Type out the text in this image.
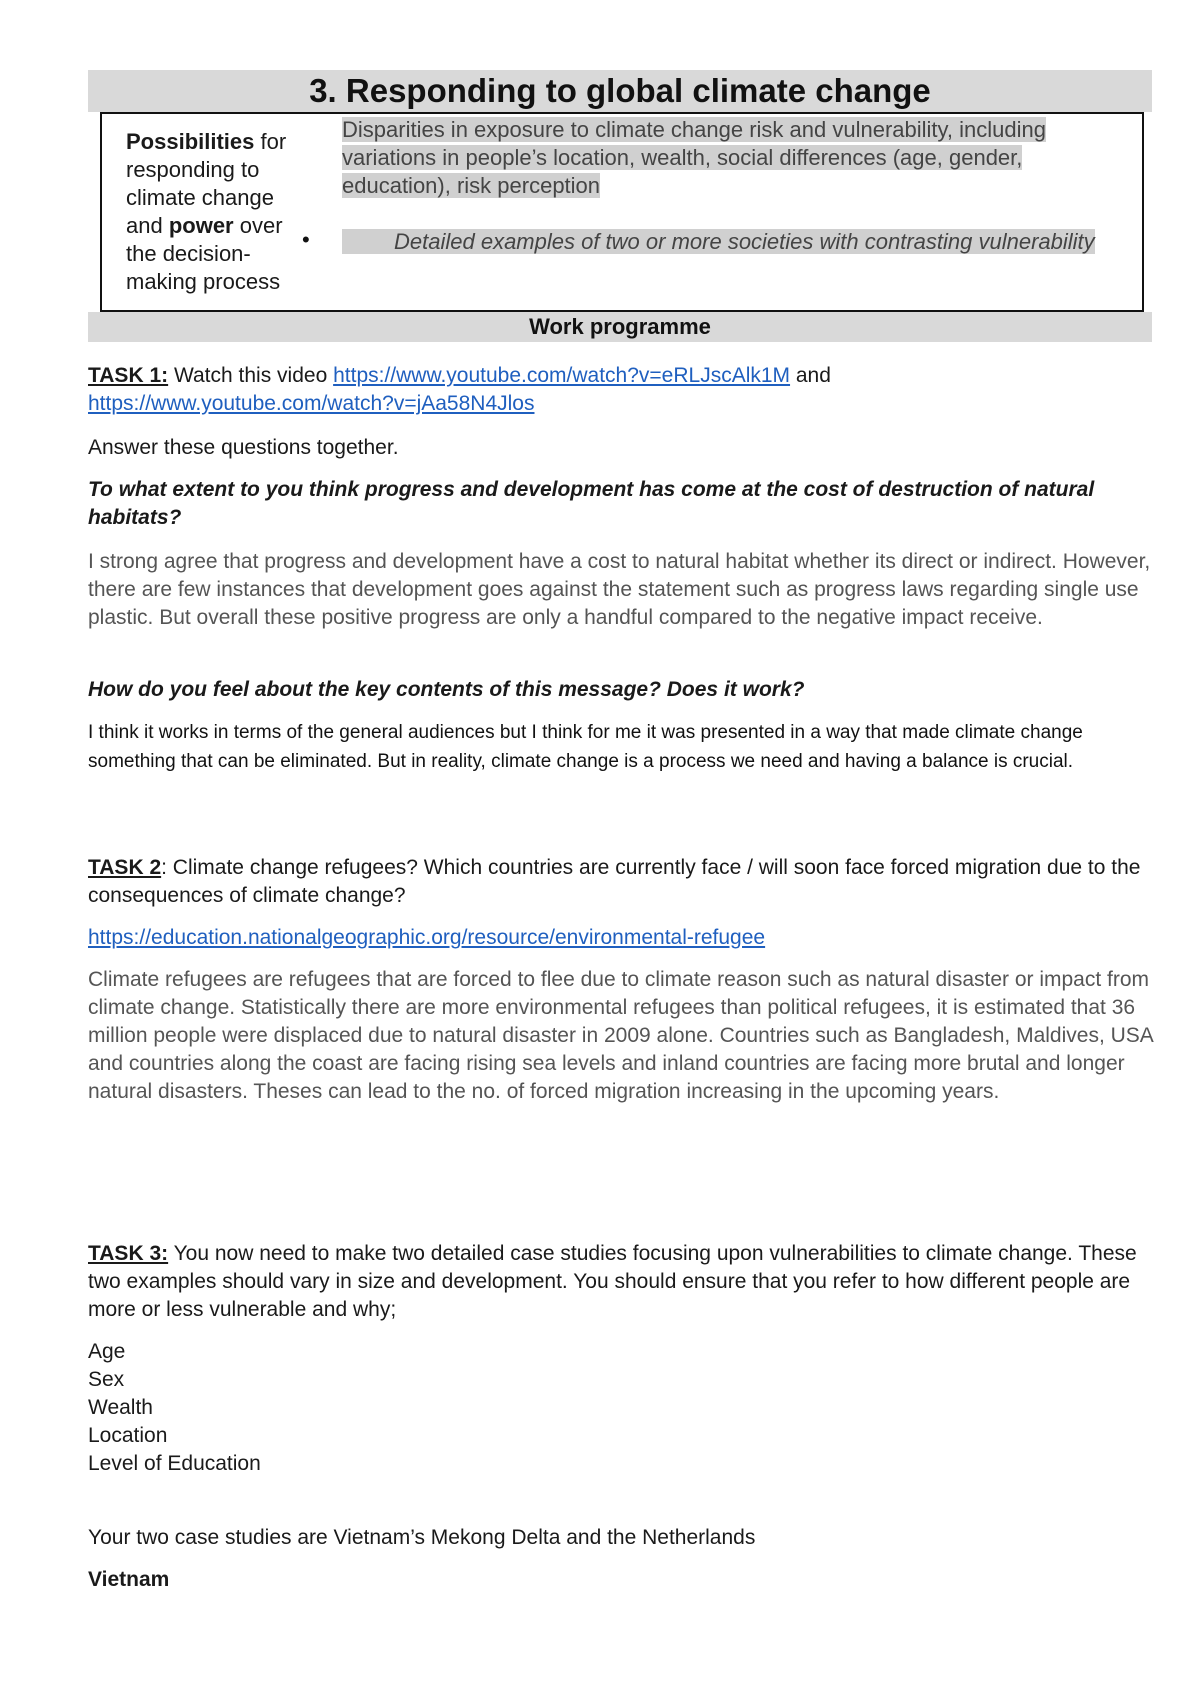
3. Responding to global climate change
Possibilities for responding to climate change and power over the decision-making process
•
Disparities in exposure to climate change risk and vulnerability, including variations in people’s location, wealth, social differences (age, gender, education), risk perception
Detailed examples of two or more societies with contrasting vulnerability
Work programme
TASK 1: Watch this video https://www.youtube.com/watch?v=eRLJscAlk1M and
https://www.youtube.com/watch?v=jAa58N4Jlos
Answer these questions together.
To what extent to you think progress and development has come at the cost of destruction of natural habitats?
I strong agree that progress and development have a cost to natural habitat whether its direct or indirect. However, there are few instances that development goes against the statement such as progress laws regarding single use plastic. But overall these positive progress are only a handful compared to the negative impact receive.
How do you feel about the key contents of this message? Does it work?
I think it works in terms of the general audiences but I think for me it was presented in a way that made climate change something that can be eliminated. But in reality, climate change is a process we need and having a balance is crucial.
TASK 2: Climate change refugees? Which countries are currently face / will soon face forced migration due to the consequences of climate change?
https://education.nationalgeographic.org/resource/environmental-refugee
Climate refugees are refugees that are forced to flee due to climate reason such as natural disaster or impact from climate change. Statistically there are more environmental refugees than political refugees, it is estimated that 36 million people were displaced due to natural disaster in 2009 alone. Countries such as Bangladesh, Maldives, USA and countries along the coast are facing rising sea levels and inland countries are facing more brutal and longer natural disasters. Theses can lead to the no. of forced migration increasing in the upcoming years.
TASK 3: You now need to make two detailed case studies focusing upon vulnerabilities to climate change. These two examples should vary in size and development. You should ensure that you refer to how different people are more or less vulnerable and why;
Age
Sex
Wealth
Location
Level of Education
Your two case studies are Vietnam’s Mekong Delta and the Netherlands
Vietnam
